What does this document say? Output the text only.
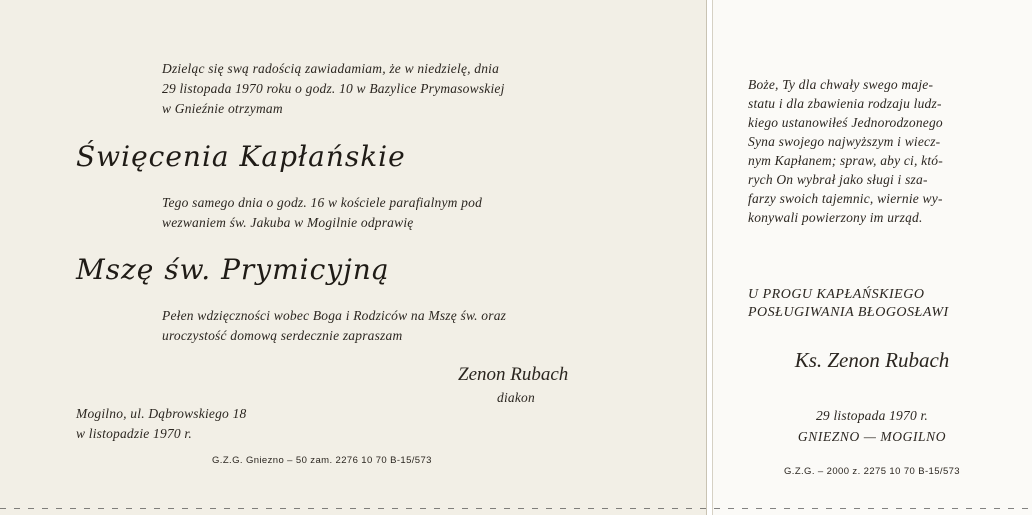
Dzieląc się swą radością zawiadamiam, że w niedzielę, dnia
29 listopada 1970 roku o godz. 10 w Bazylice Prymasowskiej
w Gnieźnie otrzymam
Święcenia Kapłańskie
Tego samego dnia o godz. 16 w kościele parafialnym pod
wezwaniem św. Jakuba w Mogilnie odprawię
Mszę św. Prymicyjną
Pełen wdzięczności wobec Boga i Rodziców na Mszę św. oraz
uroczystość domową serdecznie zapraszam
Zenon Rubach
diakon
Mogilno, ul. Dąbrowskiego 18
w listopadzie 1970 r.
G.Z.G. Gniezno – 50 zam. 2276 10 70 B-15/573
Boże, Ty dla chwały swego maje-
statu i dla zbawienia rodzaju ludz-
kiego ustanowiłeś Jednorodzonego
Syna swojego najwyższym i wiecz-
nym Kapłanem; spraw, aby ci, któ-
rych On wybrał jako sługi i sza-
farzy swoich tajemnic, wiernie wy-
konywali powierzony im urząd.
U PROGU KAPŁAŃSKIEGO
POSŁUGIWANIA BŁOGOSŁAWI
Ks. Zenon Rubach
29 listopada 1970 r.
GNIEZNO — MOGILNO
G.Z.G. – 2000 z. 2275 10 70 B-15/573
